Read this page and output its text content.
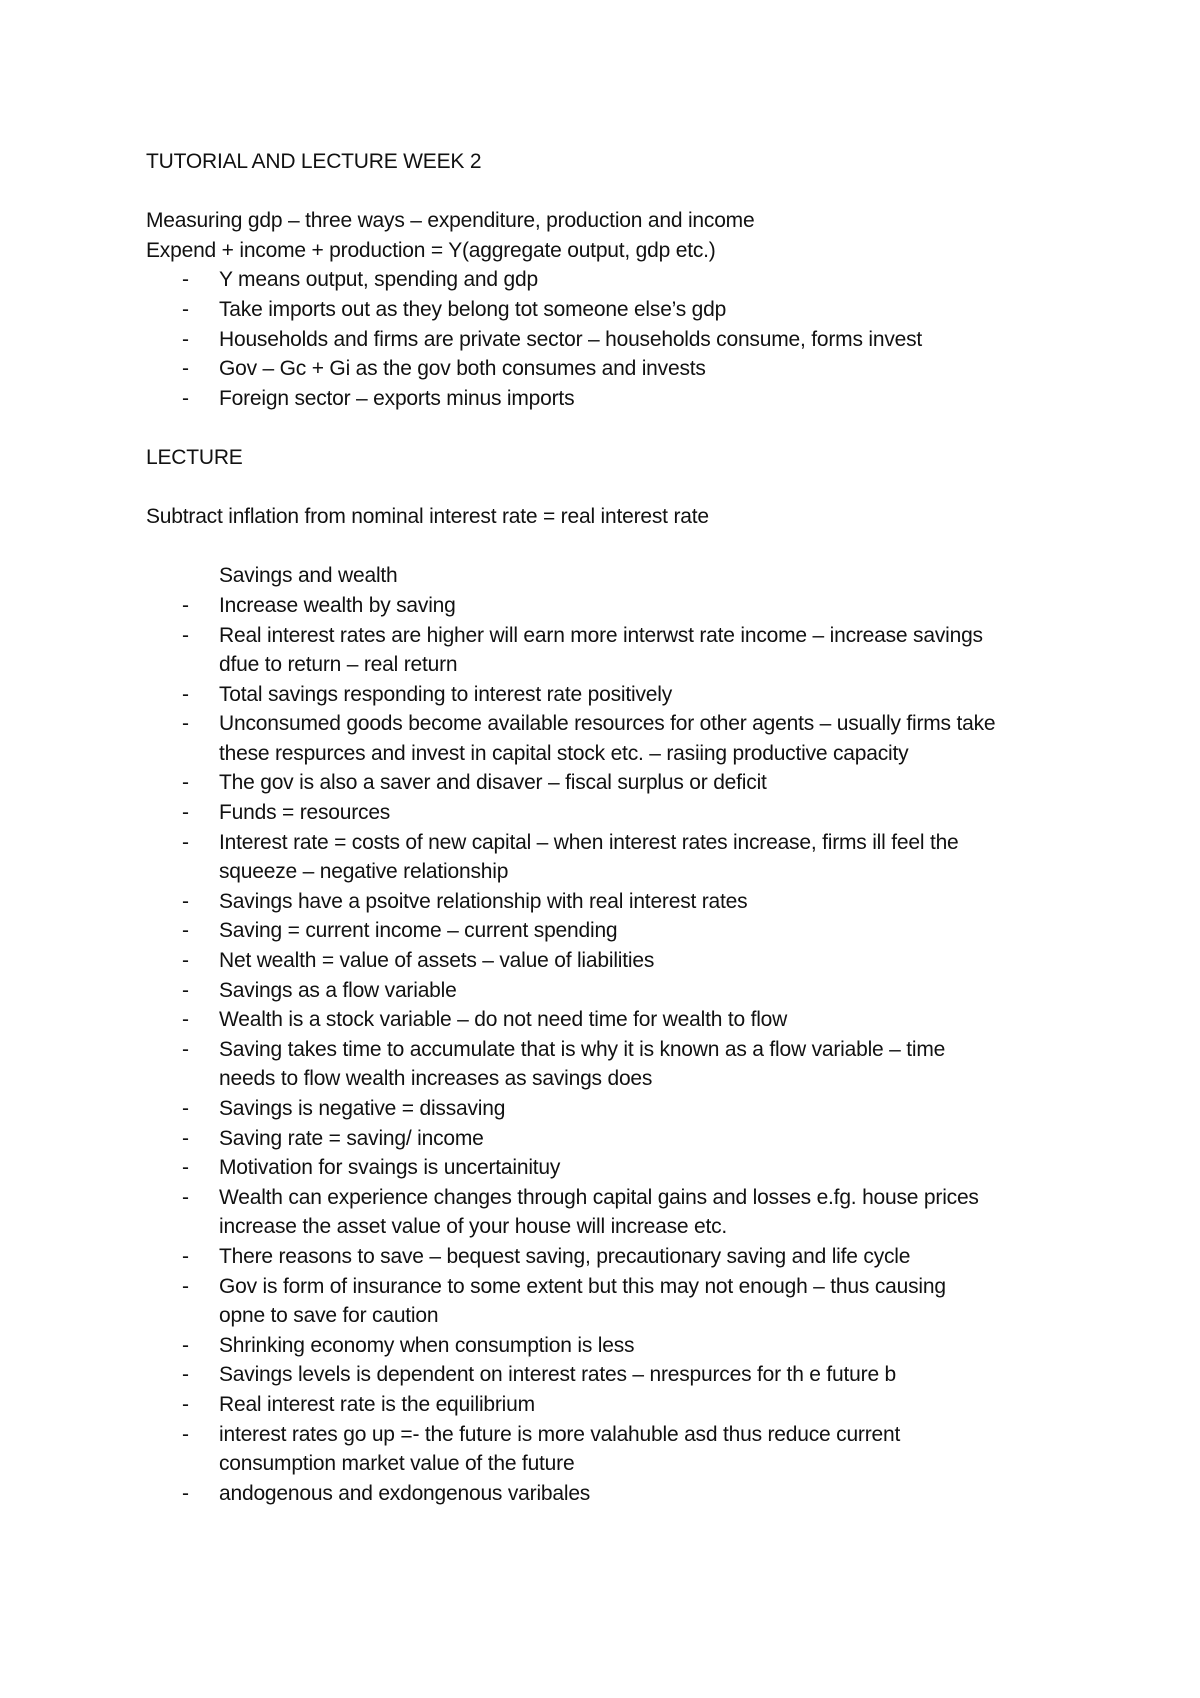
TUTORIAL AND LECTURE WEEK 2

Measuring gdp – three ways – expenditure, production and income

Expend + income + production = Y(aggregate output, gdp etc.)

- Y means output, spending and gdp
- Take imports out as they belong tot someone else’s gdp
- Households and firms are private sector – households consume, forms invest
- Gov – Gc + Gi as the gov both consumes and invests
- Foreign sector – exports minus imports

LECTURE

Subtract inflation from nominal interest rate = real interest rate

Savings and wealth

- Increase wealth by saving
- Real interest rates are higher will earn more interwst rate income – increase savings
dfue to return – real return
- Total savings responding to interest rate positively
- Unconsumed goods become available resources for other agents – usually firms take
these respurces and invest in capital stock etc. – rasiing productive capacity
- The gov is also a saver and disaver – fiscal surplus or deficit
- Funds = resources
- Interest rate = costs of new capital – when interest rates increase, firms ill feel the
squeeze – negative relationship
- Savings have a psoitve relationship with real interest rates
- Saving = current income – current spending
- Net wealth = value of assets – value of liabilities
- Savings as a flow variable
- Wealth is a stock variable – do not need time for wealth to flow
- Saving takes time to accumulate that is why it is known as a flow variable – time
needs to flow wealth increases as savings does
- Savings is negative = dissaving
- Saving rate = saving/ income
- Motivation for svaings is uncertainituy
- Wealth can experience changes through capital gains and losses e.fg. house prices
increase the asset value of your house will increase etc.
- There reasons to save – bequest saving, precautionary saving and life cycle
- Gov is form of insurance to some extent but this may not enough – thus causing
opne to save for caution
- Shrinking economy when consumption is less
- Savings levels is dependent on interest rates – nrespurces for th e future b
- Real interest rate is the equilibrium
- interest rates go up =- the future is more valahuble asd thus reduce current
consumption market value of the future
- andogenous and exdongenous varibales
